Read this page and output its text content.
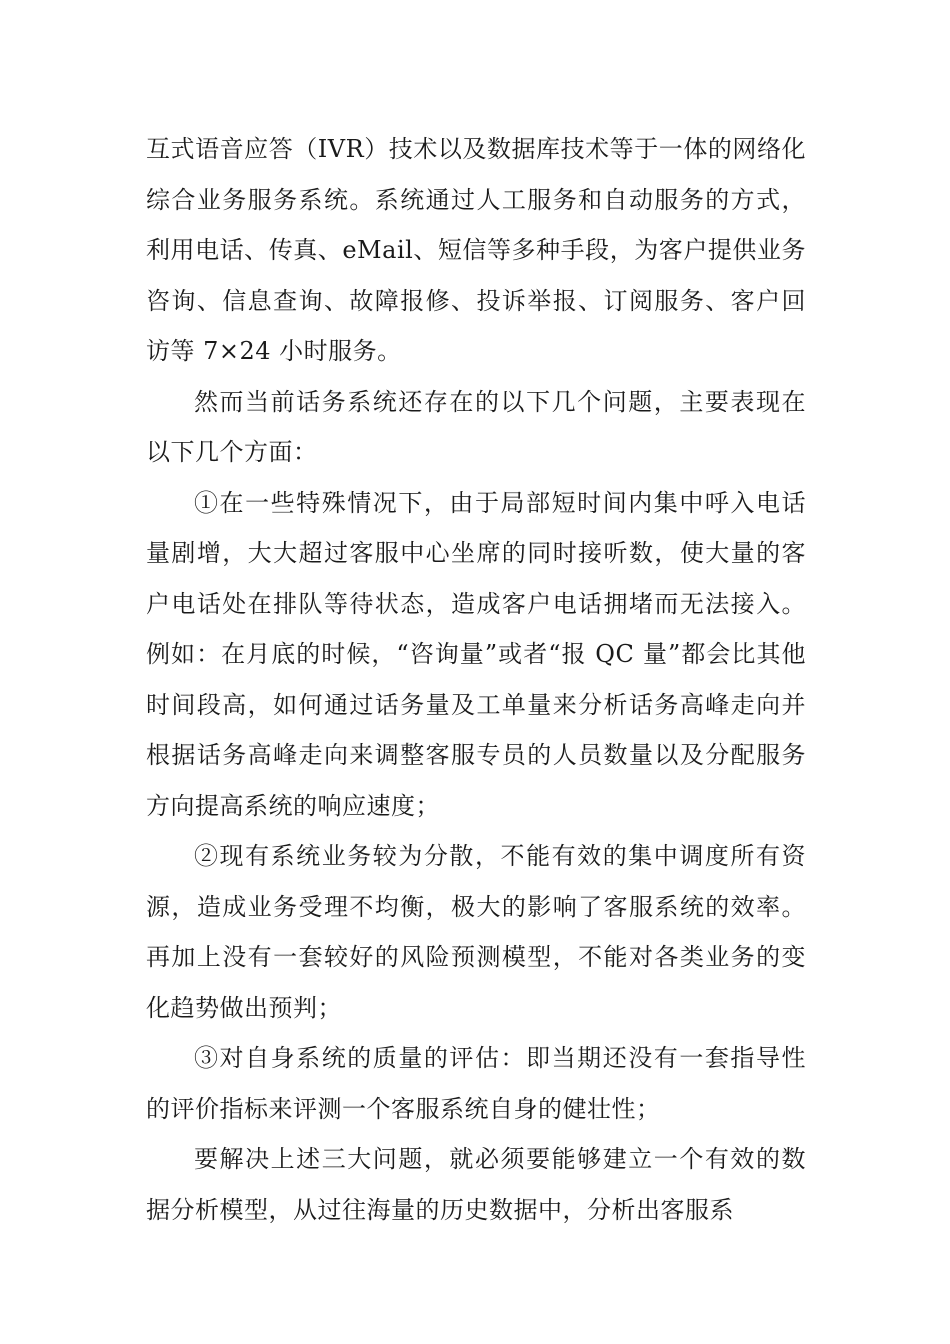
互式语音应答（IVR）技术以及数据库技术等于一体的网络化综合业务服务系统。系统通过人工服务和自动服务的方式，利用电话、传真、eMail、短信等多种手段，为客户提供业务咨询、信息查询、故障报修、投诉举报、订阅服务、客户回访等 7×24 小时服务。

然而当前话务系统还存在的以下几个问题，主要表现在以下几个方面：

①在一些特殊情况下，由于局部短时间内集中呼入电话量剧增，大大超过客服中心坐席的同时接听数，使大量的客户电话处在排队等待状态，造成客户电话拥堵而无法接入。例如：在月底的时候，“咨询量”或者“报 QC 量”都会比其他时间段高，如何通过话务量及工单量来分析话务高峰走向并根据话务高峰走向来调整客服专员的人员数量以及分配服务方向提高系统的响应速度；

②现有系统业务较为分散，不能有效的集中调度所有资源，造成业务受理不均衡，极大的影响了客服系统的效率。再加上没有一套较好的风险预测模型，不能对各类业务的变化趋势做出预判；

③对自身系统的质量的评估：即当期还没有一套指导性的评价指标来评测一个客服系统自身的健壮性；

要解决上述三大问题，就必须要能够建立一个有效的数据分析模型，从过往海量的历史数据中，分析出客服系
